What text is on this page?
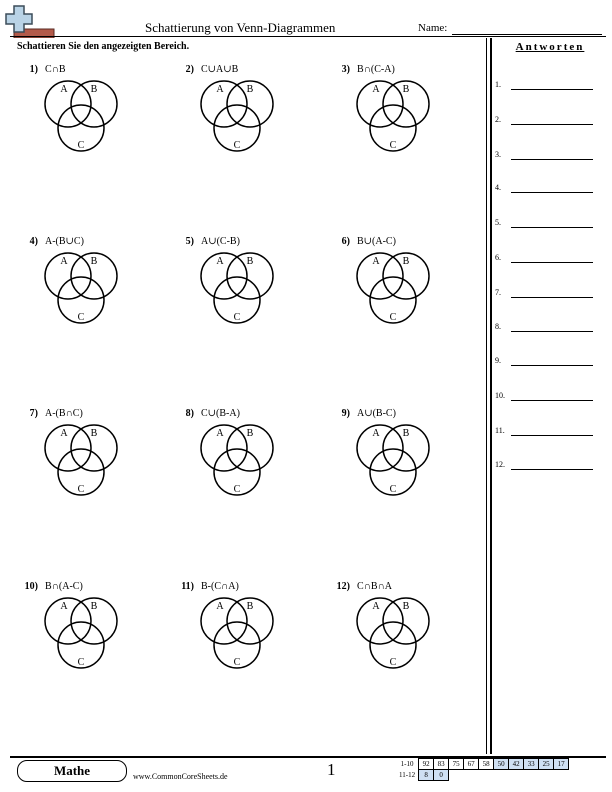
Schattierung von Venn-Diagrammen	Name:
Schattieren Sie den angezeigten Bereich.	Antworten
1.
2.
3.
4.
5.
6.
7.
8.
9.
10.
11.
12.
1) C∩B
A B
C
2) C∪A∪B
A B
C
3) B∩(C-A)
A B
C
4) A-(B∪C)
A B
C
5) A∪(C-B)
A B
C
6) B∪(A-C)
A B
C
7) A-(B∩C)
A B
C
8) C∪(B-A)
A B
C
9) A∪(B-C)
A B
C
10) B∩(A-C)
A B
C
11) B-(C∩A)
A B
C
12) C∩B∩A
A B
C
Mathe	www.CommonCoreSheets.de	1	1-10	92	83	75	67	58	50	42	33	25	17
11-12	8	0								
